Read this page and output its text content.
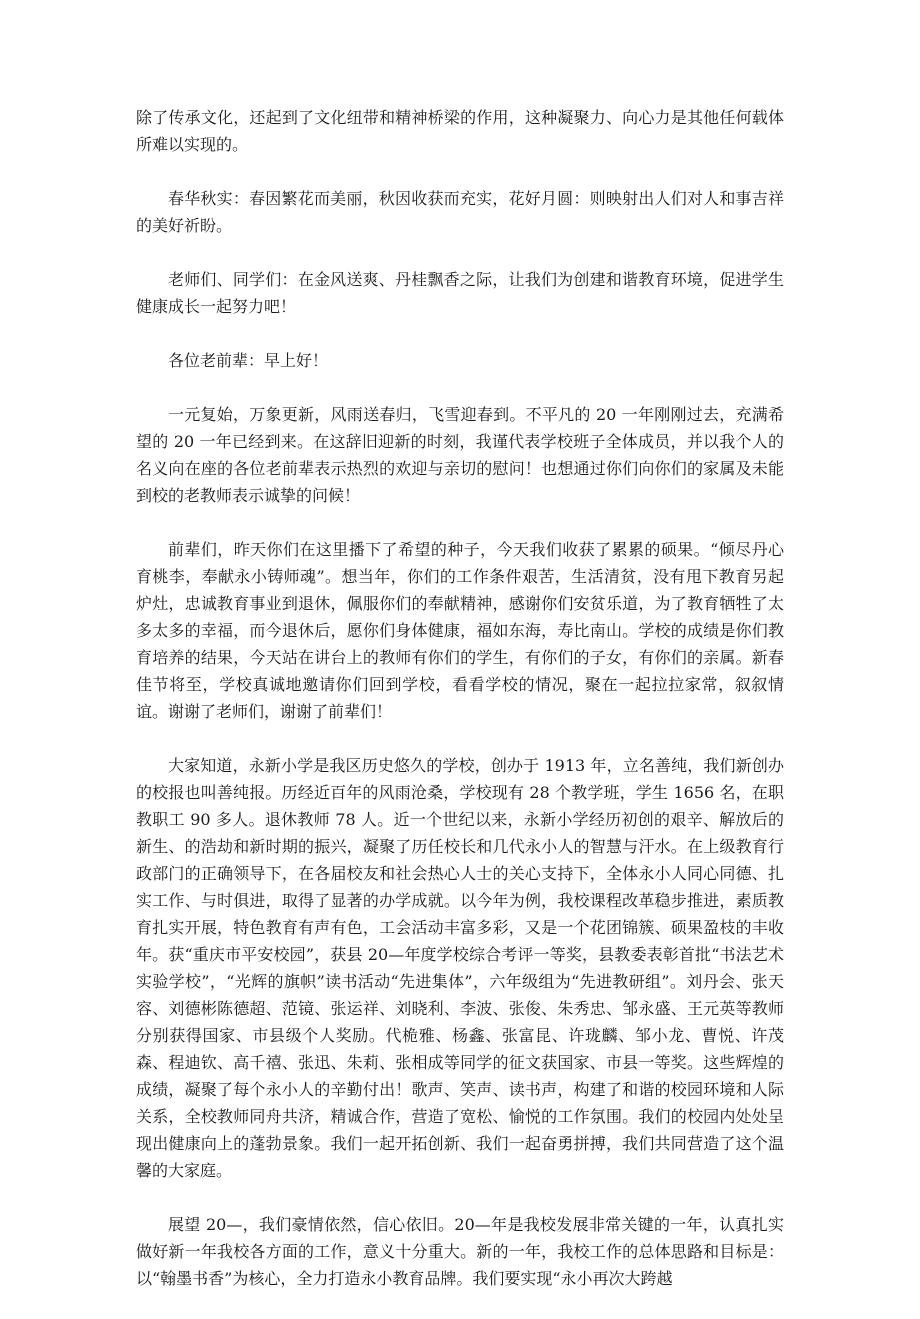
除了传承文化，还起到了文化纽带和精神桥梁的作用，这种凝聚力、向心力是其他任何载体所难以实现的。

春华秋实：春因繁花而美丽，秋因收获而充实，花好月圆：则映射出人们对人和事吉祥的美好祈盼。

老师们、同学们：在金风送爽、丹桂飘香之际，让我们为创建和谐教育环境，促进学生健康成长一起努力吧！

各位老前辈：早上好！

一元复始，万象更新，风雨送春归，飞雪迎春到。不平凡的 20 一年刚刚过去，充满希望的 20 一年已经到来。在这辞旧迎新的时刻，我谨代表学校班子全体成员，并以我个人的名义向在座的各位老前辈表示热烈的欢迎与亲切的慰问！也想通过你们向你们的家属及未能到校的老教师表示诚挚的问候！

前辈们，昨天你们在这里播下了希望的种子，今天我们收获了累累的硕果。“倾尽丹心育桃李，奉献永小铸师魂”。想当年，你们的工作条件艰苦，生活清贫，没有甩下教育另起炉灶，忠诚教育事业到退休，佩服你们的奉献精神，感谢你们安贫乐道，为了教育牺牲了太多太多的幸福，而今退休后，愿你们身体健康，福如东海，寿比南山。学校的成绩是你们教育培养的结果，今天站在讲台上的教师有你们的学生，有你们的子女，有你们的亲属。新春佳节将至，学校真诚地邀请你们回到学校，看看学校的情况，聚在一起拉拉家常，叙叙情谊。谢谢了老师们，谢谢了前辈们！

大家知道，永新小学是我区历史悠久的学校，创办于 1913 年，立名善纯，我们新创办的校报也叫善纯报。历经近百年的风雨沧桑，学校现有 28 个教学班，学生 1656 名，在职教职工 90 多人。退休教师 78 人。近一个世纪以来，永新小学经历初创的艰辛、解放后的新生、的浩劫和新时期的振兴，凝聚了历任校长和几代永小人的智慧与汗水。在上级教育行政部门的正确领导下，在各届校友和社会热心人士的关心支持下，全体永小人同心同德、扎实工作、与时俱进，取得了显著的办学成就。以今年为例，我校课程改革稳步推进，素质教育扎实开展，特色教育有声有色，工会活动丰富多彩，又是一个花团锦簇、硕果盈枝的丰收年。获“重庆市平安校园”，获县 20—年度学校综合考评一等奖，县教委表彰首批“书法艺术实验学校”，“光辉的旗帜”读书活动“先进集体”，六年级组为“先进教研组”。刘丹会、张天容、刘德彬陈德超、范镜、张运祥、刘晓利、李波、张俊、朱秀忠、邹永盛、王元英等教师分别获得国家、市县级个人奖励。代桅雅、杨鑫、张富昆、许珑麟、邹小龙、曹悦、许茂森、程迪钦、高千禧、张迅、朱莉、张相成等同学的征文获国家、市县一等奖。这些辉煌的成绩，凝聚了每个永小人的辛勤付出！歌声、笑声、读书声，构建了和谐的校园环境和人际关系，全校教师同舟共济，精诚合作，营造了宽松、愉悦的工作氛围。我们的校园内处处呈现出健康向上的蓬勃景象。我们一起开拓创新、我们一起奋勇拼搏，我们共同营造了这个温馨的大家庭。

展望 20—，我们豪情依然，信心依旧。20—年是我校发展非常关键的一年，认真扎实做好新一年我校各方面的工作，意义十分重大。新的一年，我校工作的总体思路和目标是：以“翰墨书香”为核心，全力打造永小教育品牌。我们要实现“永小再次大跨越
